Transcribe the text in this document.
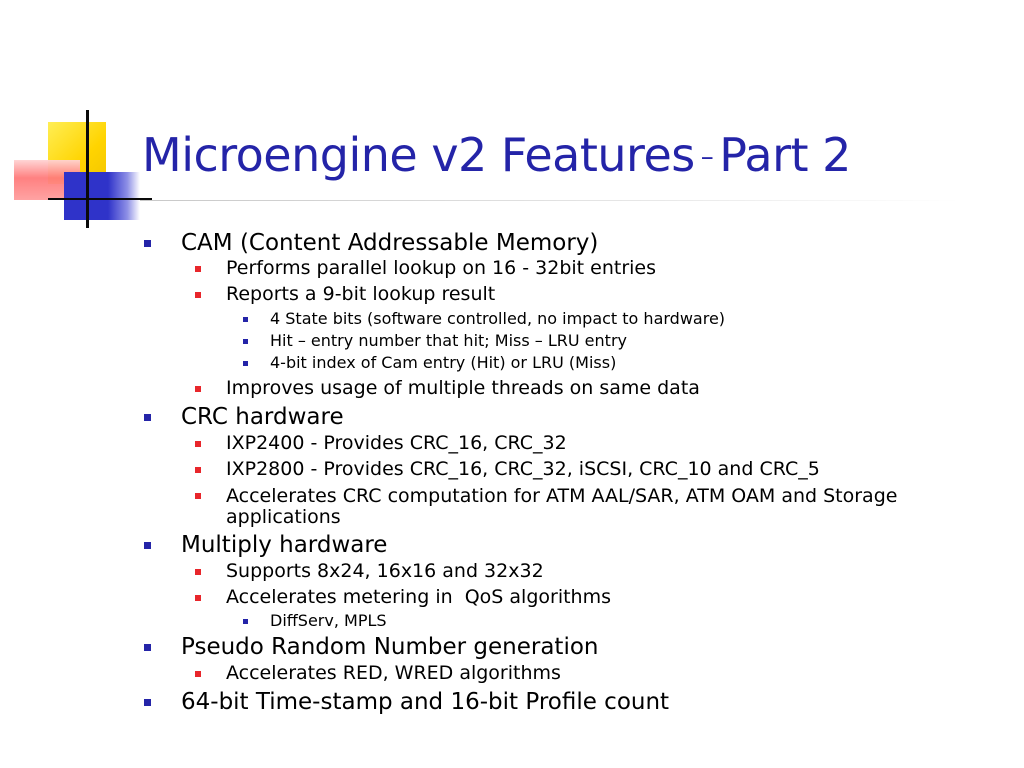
Microengine v2 Features – Part 2
CAM (Content Addressable Memory)
Performs parallel lookup on 16 - 32bit entries
Reports a 9-bit lookup result
4 State bits (software controlled, no impact to hardware)
Hit – entry number that hit; Miss – LRU entry
4-bit index of Cam entry (Hit) or LRU (Miss)
Improves usage of multiple threads on same data
CRC hardware
IXP2400 - Provides CRC_16, CRC_32
IXP2800 - Provides CRC_16, CRC_32, iSCSI, CRC_10 and CRC_5
Accelerates CRC computation for ATM AAL/SAR, ATM OAM and Storage applications
Multiply hardware
Supports 8x24, 16x16 and 32x32
Accelerates metering in  QoS algorithms
DiffServ, MPLS
Pseudo Random Number generation
Accelerates RED, WRED algorithms
64-bit Time-stamp and 16-bit Profile count
